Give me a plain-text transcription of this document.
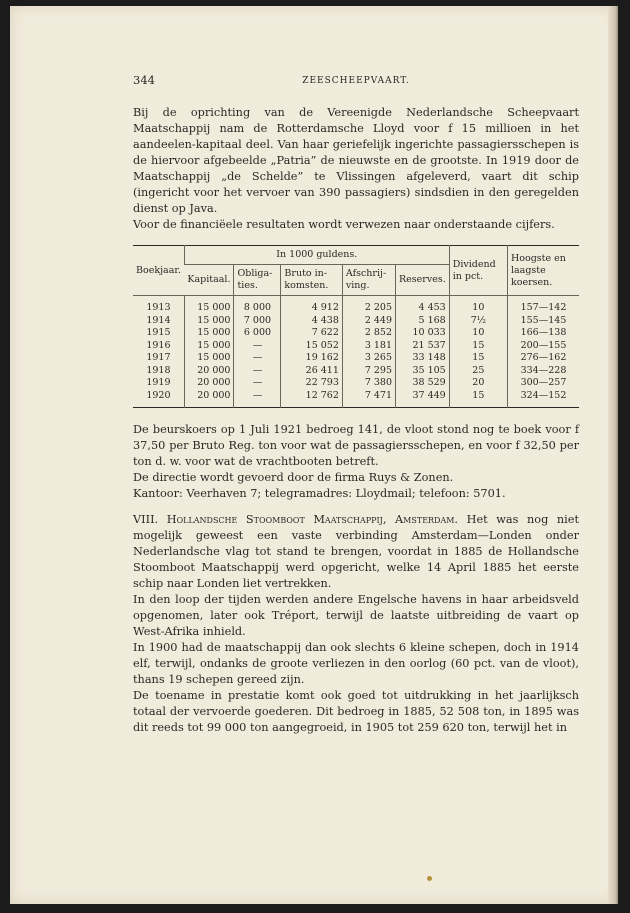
344	ZEESCHEEPVAART.

Bij de oprichting van de Vereenigde Nederlandsche Scheepvaart Maatschappij nam de Rotterdamsche Lloyd voor f 15 millioen in het aandeelen-kapitaal deel. Van haar geriefelijk ingerichte passagiersschepen is de hiervoor afgebeelde „Patria” de nieuwste en de grootste. In 1919 door de Maatschappij „de Schelde” te Vlissingen afgeleverd, vaart dit schip (ingericht voor het vervoer van 390 passagiers) sindsdien in den geregelden dienst op Java.

Voor de financiëele resultaten wordt verwezen naar onderstaande cijfers.

Boekjaar.	In 1000 guldens.					Dividend in pct.	Hoogste en laagste koersen.
	Kapitaal.	Obliga-ties.	Bruto in-komsten.	Afschrij-ving.	Reserves.		

1913	15 000	8 000	4 912	2 205	4 453	10	157—142
1914	15 000	7 000	4 438	2 449	5 168	7½	155—145
1915	15 000	6 000	7 622	2 852	10 033	10	166—138
1916	15 000	—	15 052	3 181	21 537	15	200—155
1917	15 000	—	19 162	3 265	33 148	15	276—162
1918	20 000	—	26 411	7 295	35 105	25	334—228
1919	20 000	—	22 793	7 380	38 529	20	300—257
1920	20 000	—	12 762	7 471	37 449	15	324—152

De beurskoers op 1 Juli 1921 bedroeg 141, de vloot stond nog te boek voor f 37,50 per Bruto Reg. ton voor wat de passagiersschepen, en voor f 32,50 per ton d. w. voor wat de vrachtbooten betreft.

De directie wordt gevoerd door de firma Ruys & Zonen.

Kantoor: Veerhaven 7; telegramadres: Lloydmail; telefoon: 5701.

VIII. Hollandsche Stoomboot Maatschappij, Amsterdam. Het was nog niet mogelijk geweest een vaste verbinding Amsterdam—Londen onder Nederlandsche vlag tot stand te brengen, voordat in 1885 de Hollandsche Stoomboot Maatschappij werd opgericht, welke 14 April 1885 het eerste schip naar Londen liet vertrekken.

In den loop der tijden werden andere Engelsche havens in haar arbeidsveld opgenomen, later ook Tréport, terwijl de laatste uitbreiding de vaart op West-Afrika inhield.

In 1900 had de maatschappij dan ook slechts 6 kleine schepen, doch in 1914 elf, terwijl, ondanks de groote verliezen in den oorlog (60 pct. van de vloot), thans 19 schepen gereed zijn.

De toename in prestatie komt ook goed tot uitdrukking in het jaarlijksch totaal der vervoerde goederen. Dit bedroeg in 1885, 52 508 ton, in 1895 was dit reeds tot 99 000 ton aangegroeid, in 1905 tot 259 620 ton, terwijl het in
